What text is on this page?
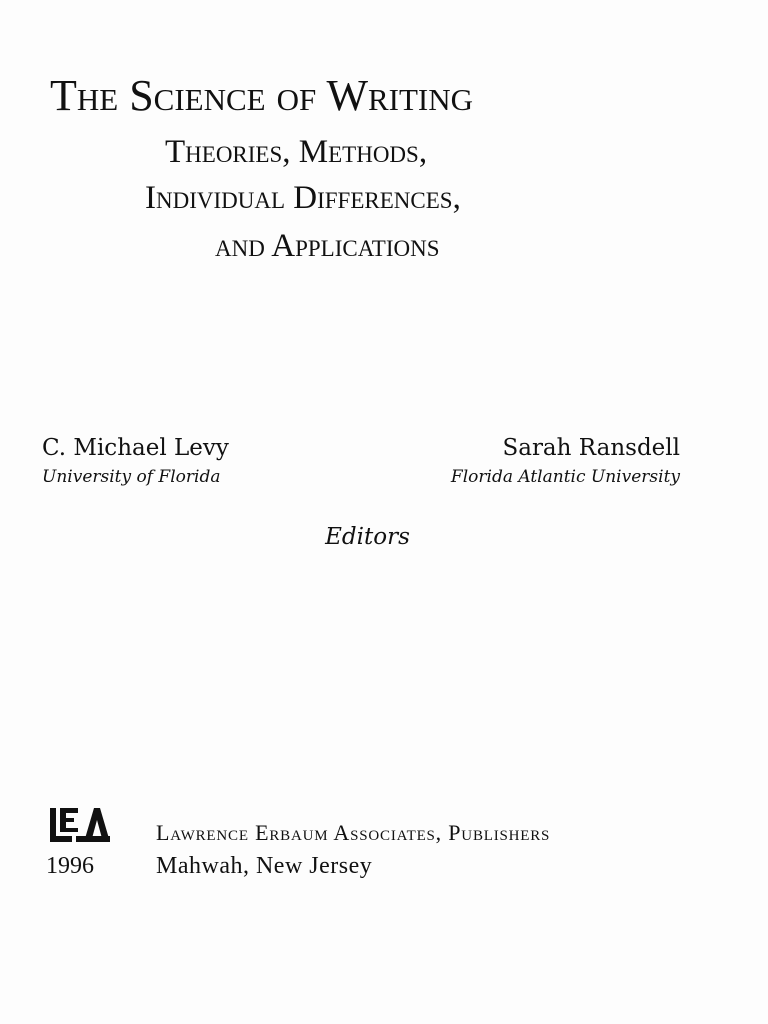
The Science of Writing
Theories, Methods,
Individual Differences,
and Applications
C. Michael Levy
University of Florida
Sarah Ransdell
Florida Atlantic University
Editors
1996
Lawrence Erbaum Associates, Publishers
Mahwah, New Jersey
